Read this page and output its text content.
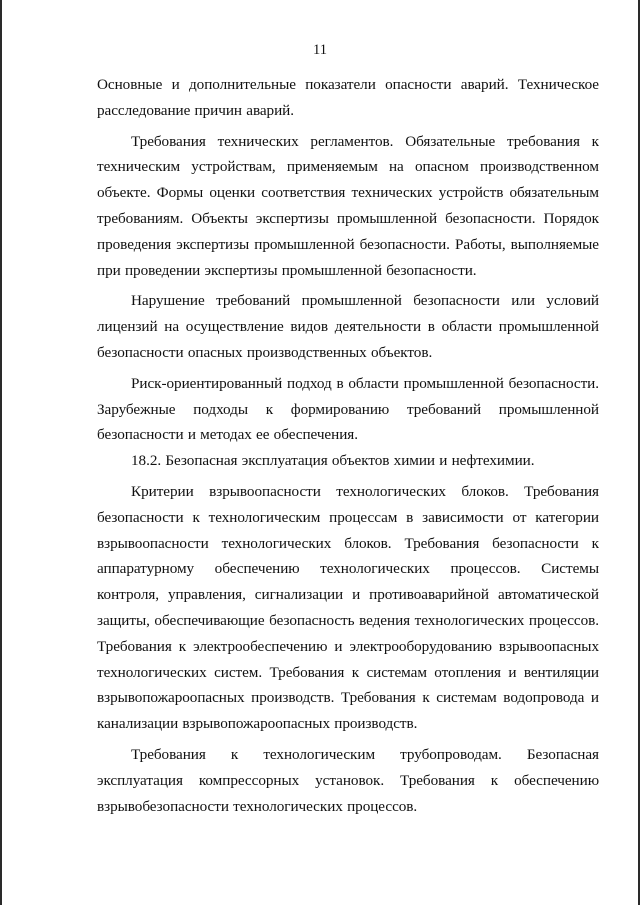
11

Основные и дополнительные показатели опасности аварий. Техническое расследование причин аварий.

Требования технических регламентов. Обязательные требования к техническим устройствам, применяемым на опасном производственном объекте. Формы оценки соответствия технических устройств обязательным требованиям. Объекты экспертизы промышленной безопасности. Порядок проведения экспертизы промышленной безопасности. Работы, выполняемые при проведении экспертизы промышленной безопасности.

Нарушение требований промышленной безопасности или условий лицензий на осуществление видов деятельности в области промышленной безопасности опасных производственных объектов.

Риск-ориентированный подход в области промышленной безопасности. Зарубежные подходы к формированию требований промышленной безопасности и методах ее обеспечения.

18.2. Безопасная эксплуатация объектов химии и нефтехимии.

Критерии взрывоопасности технологических блоков. Требования безопасности к технологическим процессам в зависимости от категории взрывоопасности технологических блоков. Требования безопасности к аппаратурному обеспечению технологических процессов. Системы контроля, управления, сигнализации и противоаварийной автоматической защиты, обеспечивающие безопасность ведения технологических процессов. Требования к электрообеспечению и электрооборудованию взрывоопасных технологических систем. Требования к системам отопления и вентиляции взрывопожароопасных производств. Требования к системам водопровода и канализации взрывопожароопасных производств.

Требования к технологическим трубопроводам. Безопасная эксплуатация компрессорных установок. Требования к обеспечению взрывобезопасности технологических процессов.
